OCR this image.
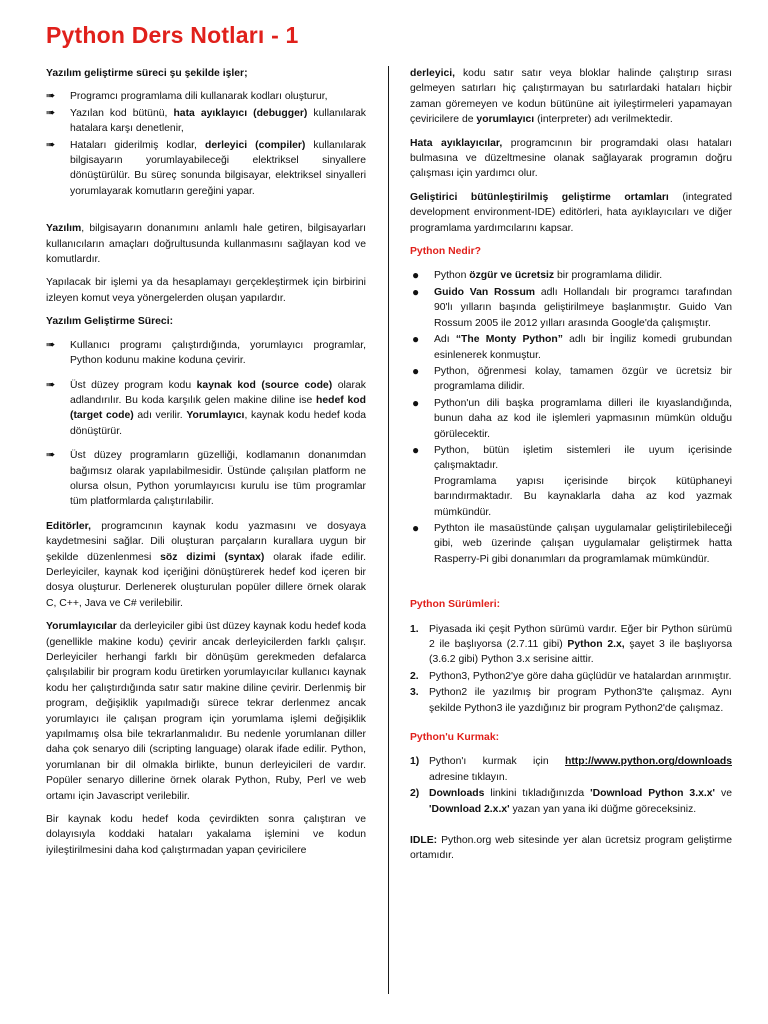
Python Ders Notları - 1
Yazılım geliştirme süreci şu şekilde işler;
➠ Programcı programlama dili kullanarak kodları oluşturur,
➠ Yazılan kod bütünü, hata ayıklayıcı (debugger) kullanılarak hatalara karşı denetlenir,
➠ Hataları giderilmiş kodlar, derleyici (compiler) kullanılarak bilgisayarın yorumlayabileceği elektriksel sinyallere dönüştürülür. Bu süreç sonunda bilgisayar, elektriksel sinyalleri yorumlayarak komutların gereğini yapar.

Yazılım, bilgisayarın donanımını anlamlı hale getiren, bilgisayarları kullanıcıların amaçları doğrultusunda kullanmasını sağlayan kod ve komutlardır.

Yapılacak bir işlemi ya da hesaplamayı gerçekleştirmek için birbirini izleyen komut veya yönergelerden oluşan yapılardır.

Yazılım Geliştirme Süreci:
➠ Kullanıcı programı çalıştırdığında, yorumlayıcı programlar, Python kodunu makine koduna çevirir.
➠ Üst düzey program kodu kaynak kod (source code) olarak adlandırılır. Bu koda karşılık gelen makine diline ise hedef kod (target code) adı verilir. Yorumlayıcı, kaynak kodu hedef koda dönüştürür.
➠ Üst düzey programların güzelliği, kodlamanın donanımdan bağımsız olarak yapılabilmesidir. Üstünde çalışılan platform ne olursa olsun, Python yorumlayıcısı kurulu ise tüm programlar tüm platformlarda çalıştırılabilir.

Editörler, programcının kaynak kodu yazmasını ve dosyaya kaydetmesini sağlar. Dili oluşturan parçaların kurallara uygun bir şekilde düzenlenmesi söz dizimi (syntax) olarak ifade edilir. Derleyiciler, kaynak kod içeriğini dönüştürerek hedef kod içeren bir dosya oluşturur. Derlenerek oluşturulan popüler dillere örnek olarak C, C++, Java ve C# verilebilir.

Yorumlayıcılar da derleyiciler gibi üst düzey kaynak kodu hedef koda (genellikle makine kodu) çevirir ancak derleyicilerden farklı çalışır. Derleyiciler herhangi farklı bir dönüşüm gerekmeden defalarca çalışılabilir bir program kodu üretirken yorumlayıcılar kullanıcı kaynak kodu her çalıştırdığında satır satır makine diline çevirir. Derlenmiş bir program, değişiklik yapılmadığı sürece tekrar derlenmez ancak yorumlayıcı ile çalışan program için yorumlama işlemi değişiklik yapılmamış olsa bile tekrarlanmalıdır. Bu nedenle yorumlanan diller daha çok senaryo dili (scripting language) olarak ifade edilir. Python, yorumlanan bir dil olmakla birlikte, bunun derleyicileri de vardır. Popüler senaryo dillerine örnek olarak Python, Ruby, Perl ve web ortamı için Javascript verilebilir.

Bir kaynak kodu hedef koda çevirdikten sonra çalıştıran ve dolayısıyla koddaki hataları yakalama işlemini ve kodun iyileştirilmesini daha kod çalıştırmadan yapan çeviricilere

derleyici, kodu satır satır veya bloklar halinde çalıştırıp sırası gelmeyen satırları hiç çalıştırmayan bu satırlardaki hataları hiçbir zaman göremeyen ve kodun bütününe ait iyileştirmeleri yapamayan çeviricilere de yorumlayıcı (interpreter) adı verilmektedir.

Hata ayıklayıcılar, programcının bir programdaki olası hataları bulmasına ve düzeltmesine olanak sağlayarak programın doğru çalışması için yardımcı olur.

Geliştirici bütünleştirilmiş geliştirme ortamları (integrated development environment-IDE) editörleri, hata ayıklayıcıları ve diğer programlama yardımcılarını kapsar.

Python Nedir?
● Python özgür ve ücretsiz bir programlama dilidir.
● Guido Van Rossum adlı Hollandalı bir programcı tarafından 90'lı yılların başında geliştirilmeye başlanmıştır. Guido Van Rossum 2005 ile 2012 yılları arasında Google'da çalışmıştır.
● Adı “The Monty Python” adlı bir İngiliz komedi grubundan esinlenerek konmuştur.
● Python, öğrenmesi kolay, tamamen özgür ve ücretsiz bir programlama dilidir.
● Python'un dili başka programlama dilleri ile kıyaslandığında, bunun daha az kod ile işlemleri yapmasının mümkün olduğu görülecektir.
● Python, bütün işletim sistemleri ile uyum içerisinde çalışmaktadır.
Programlama yapısı içerisinde birçok kütüphaneyi barındırmaktadır. Bu kaynaklarla daha az kod yazmak mümkündür.
● Pythton ile masaüstünde çalışan uygulamalar geliştirilebileceği gibi, web üzerinde çalışan uygulamalar geliştirmek hatta Rasperry-Pi gibi donanımları da programlamak mümkündür.
Python Sürümleri:
1. Piyasada iki çeşit Python sürümü vardır. Eğer bir Python sürümü 2 ile başlıyorsa (2.7.11 gibi) Python 2.x, şayet 3 ile başlıyorsa (3.6.2 gibi) Python 3.x serisine aittir.
2. Python3, Python2'ye göre daha güçlüdür ve hatalardan arınmıştır.
3. Python2 ile yazılmış bir program Python3'te çalışmaz. Aynı şekilde Python3 ile yazdığınız bir program Python2'de çalışmaz.
Python'u Kurmak:
1) Python'ı kurmak için http://www.python.org/downloads adresine tıklayın.
2) Downloads linkini tıkladığınızda 'Download Python 3.x.x' ve 'Download 2.x.x' yazan yan yana iki düğme göreceksiniz.

IDLE: Python.org web sitesinde yer alan ücretsiz program geliştirme ortamıdır.
